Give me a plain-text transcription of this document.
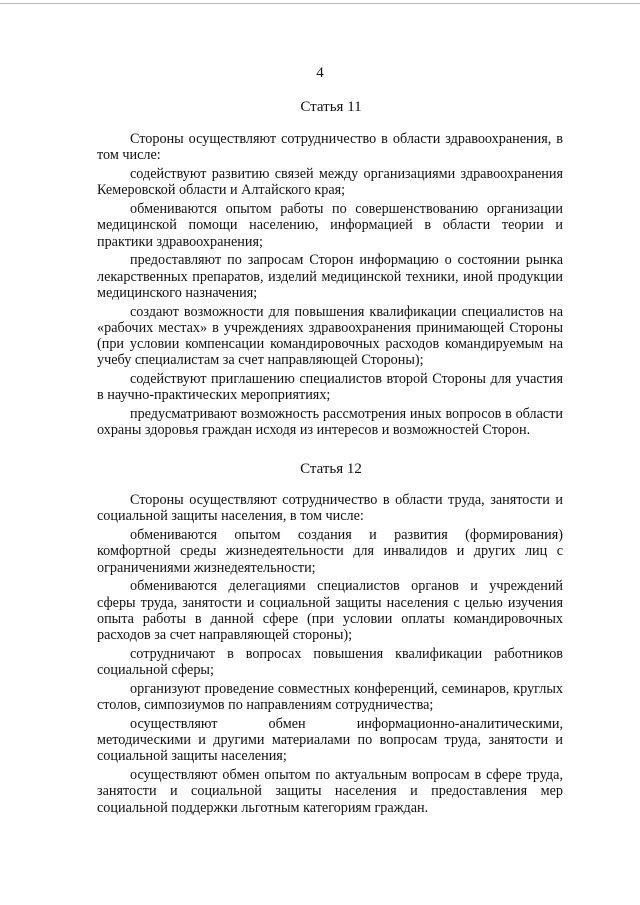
4
Статья 11

Стороны осуществляют сотрудничество в области здравоохранения, в том числе:

содействуют развитию связей между организациями здравоохранения Кемеровской области и Алтайского края;

обмениваются опытом работы по совершенствованию организации медицинской помощи населению, информацией в области теории и практики здравоохранения;

предоставляют по запросам Сторон информацию о состоянии рынка лекарственных препаратов, изделий медицинской техники, иной продукции медицинского назначения;

создают возможности для повышения квалификации специалистов на «рабочих местах» в учреждениях здравоохранения принимающей Стороны (при условии компенсации командировочных расходов командируемым на учебу специалистам за счет направляющей Стороны);

содействуют приглашению специалистов второй Стороны для участия в научно-практических мероприятиях;

предусматривают возможность рассмотрения иных вопросов в области охраны здоровья граждан исходя из интересов и возможностей Сторон.

Статья 12

Стороны осуществляют сотрудничество в области труда, занятости и социальной защиты населения, в том числе:

обмениваются опытом создания и развития (формирования) комфортной среды жизнедеятельности для инвалидов и других лиц с ограничениями жизнедеятельности;

обмениваются делегациями специалистов органов и учреждений сферы труда, занятости и социальной защиты населения с целью изучения опыта работы в данной сфере (при условии оплаты командировочных расходов за счет направляющей стороны);

сотрудничают в вопросах повышения квалификации работников социальной сферы;

организуют проведение совместных конференций, семинаров, круглых столов, симпозиумов по направлениям сотрудничества;

осуществляют обмен информационно-аналитическими, методическими и другими материалами по вопросам труда, занятости и социальной защиты населения;

осуществляют обмен опытом по актуальным вопросам в сфере труда, занятости и социальной защиты населения и предоставления мер социальной поддержки льготным категориям граждан.
